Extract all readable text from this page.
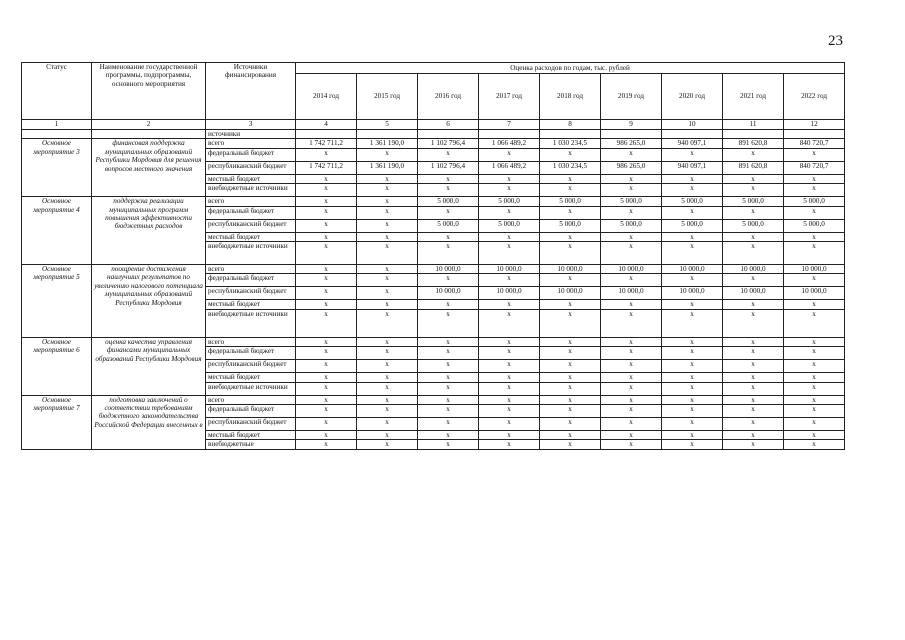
23
Статус	Наименование государственной программы, подпрограммы, основного мероприятия	Источники финансирования	Оценка расходов по годам, тыс. рублей								
			2014 год	2015 год	2016 год	2017 год	2018 год	2019 год	2020 год	2021 год	2022 год
1	2	3	4	5	6	7	8	9	10	11	12
		источники									
Основное мероприятие 3	финансовая поддержка муниципальных образований Республики Мордовия для решения вопросов местного значения	всего	1 742 711,2	1 361 190,0	1 102 796,4	1 066 489,2	1 030 234,5	986 265,0	940 097,1	891 620,8	840 720,7
		федеральный бюджет	х	х	х	х	х	х	х	х	х
		республиканский бюджет	1 742 711,2	1 361 190,0	1 102 796,4	1 066 489,2	1 030 234,5	986 265,0	940 097,1	891 620,8	840 720,7
		местный бюджет	х	х	х	х	х	х	х	х	х
		внебюджетные источники	х	х	х	х	х	х	х	х	х
Основное мероприятие 4	поддержка реализации муниципальных программ повышения эффективности бюджетных расходов	всего	х	х	5 000,0	5 000,0	5 000,0	5 000,0	5 000,0	5 000,0	5 000,0
		федеральный бюджет	х	х	х	х	х	х	х	х	х
		республиканский бюджет	х	х	5 000,0	5 000,0	5 000,0	5 000,0	5 000,0	5 000,0	5 000,0
		местный бюджет	х	х	х	х	х	х	х	х	х
		внебюджетные источники	х	х	х	х	х	х	х	х	х
Основное мероприятие 5	поощрение достижения наилучших результатов по увеличению налогового потенциала муниципальных образований Республики Мордовия	всего	х	х	10 000,0	10 000,0	10 000,0	10 000,0	10 000,0	10 000,0	10 000,0
		федеральный бюджет	х	х	х	х	х	х	х	х	х
		республиканский бюджет	х	х	10 000,0	10 000,0	10 000,0	10 000,0	10 000,0	10 000,0	10 000,0
		местный бюджет	х	х	х	х	х	х	х	х	х
		внебюджетные источники	х	х	х	х	х	х	х	х	х
Основное мероприятие 6	оценка качества управления финансами муниципальных образований Республики Мордовия	всего	х	х	х	х	х	х	х	х	х
		федеральный бюджет	х	х	х	х	х	х	х	х	х
		республиканский бюджет	х	х	х	х	х	х	х	х	х
		местный бюджет	х	х	х	х	х	х	х	х	х
		внебюджетные источники	х	х	х	х	х	х	х	х	х
Основное мероприятие 7	подготовка заключений о соответствии требованиям бюджетного законодательства Российской Федерации внесенных в	всего	х	х	х	х	х	х	х	х	х
		федеральный бюджет	х	х	х	х	х	х	х	х	х
		республиканский бюджет	х	х	х	х	х	х	х	х	х
		местный бюджет	х	х	х	х	х	х	х	х	х
		внебюджетные	х	х	х	х	х	х	х	х	х
